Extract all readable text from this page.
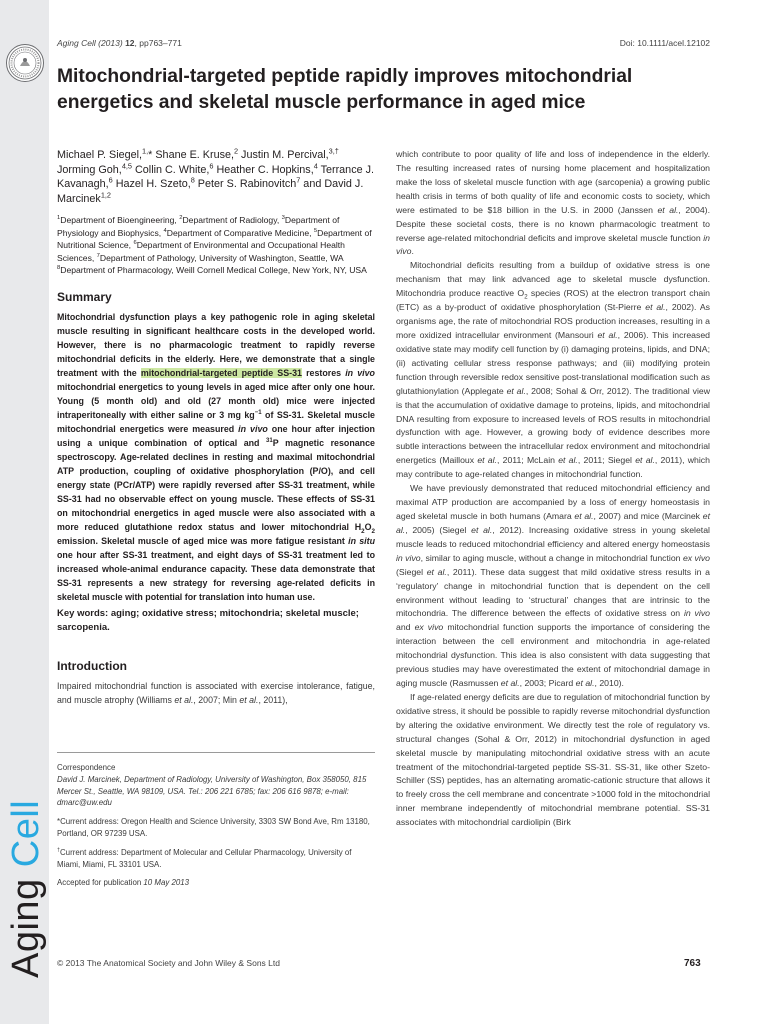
Aging Cell
Aging Cell (2013) 12, pp763–771	Doi: 10.1111/acel.12102
Mitochondrial-targeted peptide rapidly improves mitochondrial energetics and skeletal muscle performance in aged mice

Michael P. Siegel,$^{1,}$* Shane E. Kruse,$^2$ Justin M. Percival,$^{3,\dagger}$ Jorming Goh,$^{4,5}$ Collin C. White,$^6$ Heather C. Hopkins,$^4$ Terrance J. Kavanagh,$^6$ Hazel H. Szeto,$^8$ Peter S. Rabinovitch$^7$ and David J. Marcinek$^{1,2}$

$^1$Department of Bioengineering, $^2$Department of Radiology, $^3$Department of Physiology and Biophysics, $^4$Department of Comparative Medicine, $^5$Department of Nutritional Science, $^6$Department of Environmental and Occupational Health Sciences, $^7$Department of Pathology, University of Washington, Seattle, WA
$^8$Department of Pharmacology, Weill Cornell Medical College, New York, NY, USA

Summary

Mitochondrial dysfunction plays a key pathogenic role in aging skeletal muscle resulting in significant healthcare costs in the developed world. However, there is no pharmacologic treatment to rapidly reverse mitochondrial deficits in the elderly. Here, we demonstrate that a single treatment with the mitochondrial-targeted peptide SS-31 restores in vivo mitochondrial energetics to young levels in aged mice after only one hour. Young (5 month old) and old (27 month old) mice were injected intraperitoneally with either saline or 3 mg $kg^{-1}$ of SS-31. Skeletal muscle mitochondrial energetics were measured in vivo one hour after injection using a unique combination of optical and $^{31}$P magnetic resonance spectroscopy. Age-related declines in resting and maximal mitochondrial ATP production, coupling of oxidative phosphorylation (P/O), and cell energy state (PCr/ATP) were rapidly reversed after SS-31 treatment, while SS-31 had no observable effect on young muscle. These effects of SS-31 on mitochondrial energetics in aged muscle were also associated with a more reduced glutathione redox status and lower mitochondrial $H_2O_2$ emission. Skeletal muscle of aged mice was more fatigue resistant in situ one hour after SS-31 treatment, and eight days of SS-31 treatment led to increased whole-animal endurance capacity. These data demonstrate that SS-31 represents a new strategy for reversing age-related deficits in skeletal muscle with potential for translation into human use.

Key words: aging; oxidative stress; mitochondria; skeletal muscle; sarcopenia.

Introduction

Impaired mitochondrial function is associated with exercise intolerance, fatigue, and muscle atrophy (Williams et al., 2007; Min et al., 2011),

which contribute to poor quality of life and loss of independence in the elderly. The resulting increased rates of nursing home placement and hospitalization make the loss of skeletal muscle function with age (sarcopenia) a growing public health crisis in terms of both quality of life and economic costs to society, which were estimated to be $18 billion in the U.S. in 2000 (Janssen et al., 2004). Despite these societal costs, there is no known pharmacologic treatment to reverse age-related mitochondrial deficits and improve skeletal muscle function in vivo.

Mitochondrial deficits resulting from a buildup of oxidative stress is one mechanism that may link advanced age to skeletal muscle dysfunction. Mitochondria produce reactive $O_2$ species (ROS) at the electron transport chain (ETC) as a by-product of oxidative phosphorylation (St-Pierre et al., 2002). As organisms age, the rate of mitochondrial ROS production increases, resulting in a more oxidized intracellular environment (Mansouri et al., 2006). This increased oxidative state may modify cell function by (i) damaging proteins, lipids, and DNA; (ii) activating cellular stress response pathways; and (iii) modifying protein function through reversible redox sensitive post-translational modification such as glutathionylation (Applegate et al., 2008; Sohal & Orr, 2012). The traditional view is that the accumulation of oxidative damage to proteins, lipids, and mitochondrial DNA resulting from exposure to increased levels of ROS results in mitochondrial dysfunction with age. However, a growing body of evidence describes more subtle interactions between the intracellular redox environment and mitochondrial energetics (Mailloux et al., 2011; McLain et al., 2011; Siegel et al., 2011), which may contribute to age-related changes in mitochondrial function.

We have previously demonstrated that reduced mitochondrial efficiency and maximal ATP production are accompanied by a loss of energy homeostasis in aged skeletal muscle in both humans (Amara et al., 2007) and mice (Marcinek et al., 2005) (Siegel et al., 2012). Increasing oxidative stress in young skeletal muscle leads to reduced mitochondrial efficiency and altered energy homeostasis in vivo, similar to aging muscle, without a change in mitochondrial function ex vivo (Siegel et al., 2011). These data suggest that mild oxidative stress results in a ‘regulatory’ change in mitochondrial function that is dependent on the cell environment without leading to ‘structural’ changes that are intrinsic to the mitochondria. The difference between the effects of oxidative stress on in vivo and ex vivo mitochondrial function supports the importance of considering the interaction between the cell environment and mitochondria in age-related mitochondrial dysfunction. This idea is also consistent with data suggesting that previous studies may have overestimated the extent of mitochondrial damage in aging muscle (Rasmussen et al., 2003; Picard et al., 2010).

If age-related energy deficits are due to regulation of mitochondrial function by oxidative stress, it should be possible to rapidly reverse mitochondrial dysfunction by altering the oxidative environment. We directly test the role of regulatory vs. structural changes (Sohal & Orr, 2012) in mitochondrial dysfunction in aged skeletal muscle by manipulating mitochondrial oxidative stress with an acute treatment of the mitochondrial-targeted peptide SS-31. SS-31, like other Szeto-Schiller (SS) peptides, has an alternating aromatic-cationic structure that allows it to freely cross the cell membrane and concentrate >1000 fold in the mitochondrial inner membrane independently of mitochondrial membrane potential. SS-31 associates with mitochondrial cardiolipin (Birk

Correspondence
David J. Marcinek, Department of Radiology, University of Washington, Box 358050, 815 Mercer St., Seattle, WA 98109, USA. Tel.: 206 221 6785; fax: 206 616 9878; e-mail: dmarc@uw.edu

*Current address: Oregon Health and Science University, 3303 SW Bond Ave, Rm 13180, Portland, OR 97239 USA.

†Current address: Department of Molecular and Cellular Pharmacology, University of Miami, Miami, FL 33101 USA.

Accepted for publication 10 May 2013

© 2013 The Anatomical Society and John Wiley & Sons Ltd	763
